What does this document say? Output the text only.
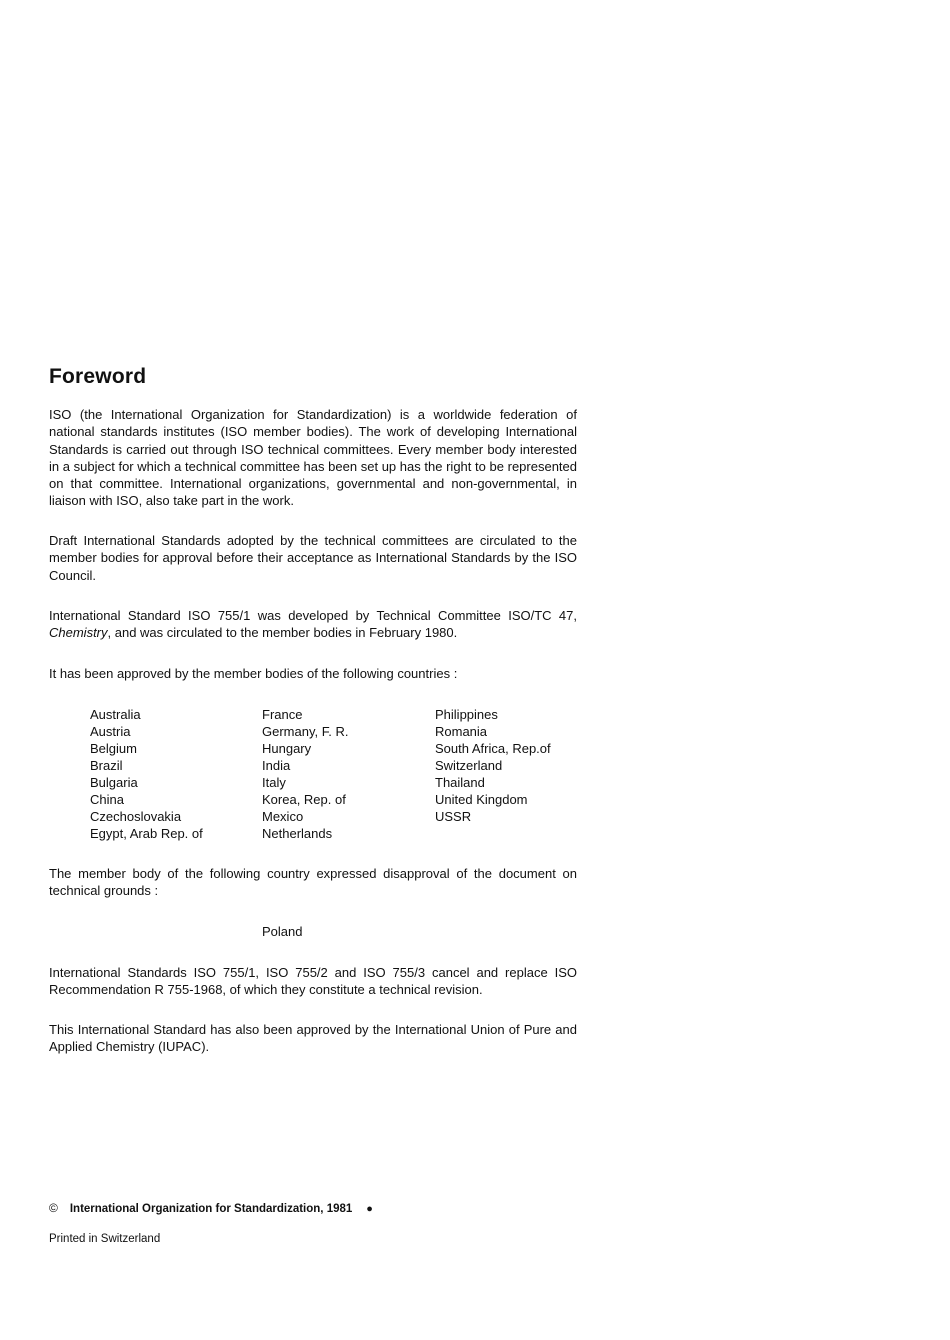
Foreword

ISO (the International Organization for Standardization) is a worldwide federation of national standards institutes (ISO member bodies). The work of developing International Standards is carried out through ISO technical committees. Every member body interested in a subject for which a technical committee has been set up has the right to be represented on that committee. International organizations, governmental and non-governmental, in liaison with ISO, also take part in the work.

Draft International Standards adopted by the technical committees are circulated to the member bodies for approval before their acceptance as International Standards by the ISO Council.

International Standard ISO 755/1 was developed by Technical Committee ISO/TC 47, Chemistry, and was circulated to the member bodies in February 1980.

It has been approved by the member bodies of the following countries :

Australia
Austria
Belgium
Brazil
Bulgaria
China
Czechoslovakia
Egypt, Arab Rep. of
France
Germany, F. R.
Hungary
India
Italy
Korea, Rep. of
Mexico
Netherlands
Philippines
Romania
South Africa, Rep.of
Switzerland
Thailand
United Kingdom
USSR

The member body of the following country expressed disapproval of the document on technical grounds :

Poland

International Standards ISO 755/1, ISO 755/2 and ISO 755/3 cancel and replace ISO Recommendation R 755-1968, of which they constitute a technical revision.

This International Standard has also been approved by the International Union of Pure and Applied Chemistry (IUPAC).

© International Organization for Standardization, 1981 ●
Printed in Switzerland
